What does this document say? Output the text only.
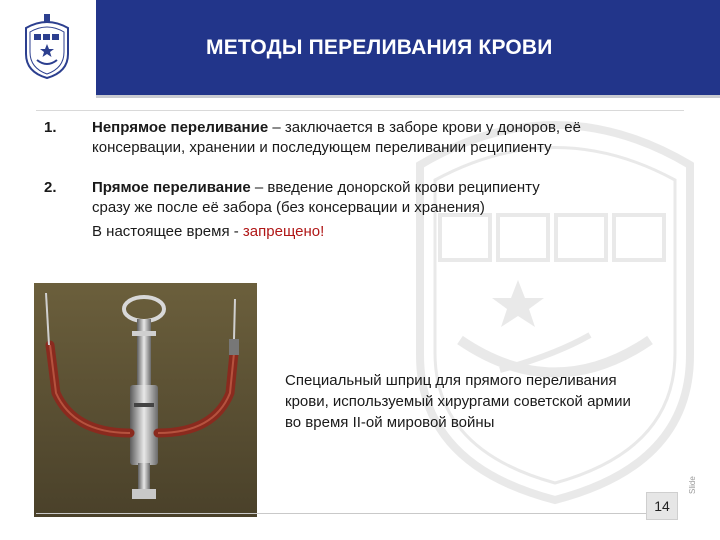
МЕТОДЫ ПЕРЕЛИВАНИЯ КРОВИ
1. Непрямое переливание – заключается в заборе крови у доноров, её
консервации, хранении и последующем переливании реципиенту
2. Прямое переливание – введение донорской крови реципиенту
сразу же после её забора (без консервации и хранения)
В настоящее время - запрещено!
Специальный шприц для прямого переливания
крови, используемый хирургами советской армии
во время II-ой мировой войны
14
Slide
